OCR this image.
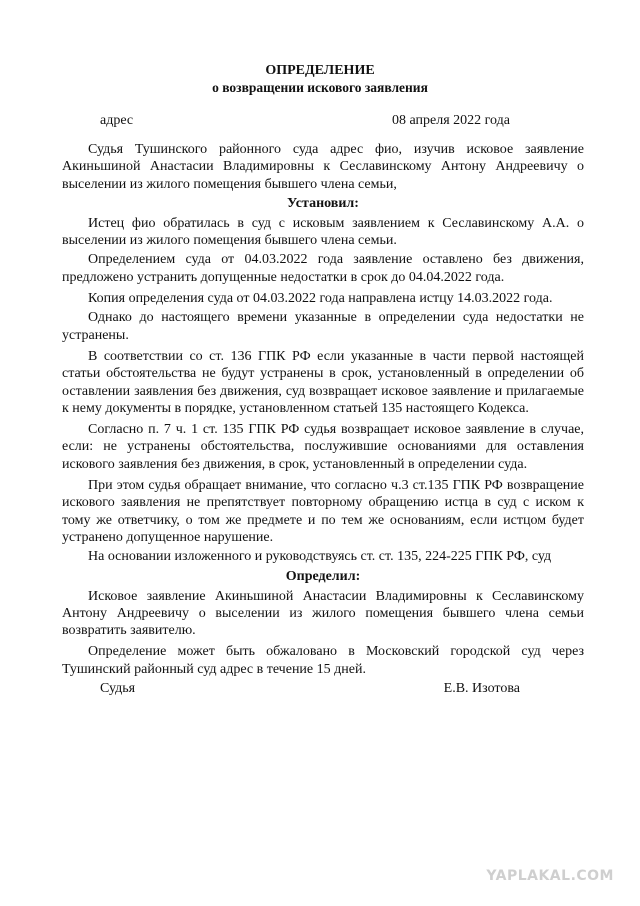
ОПРЕДЕЛЕНИЕ
о возвращении искового заявления
адрес	08 апреля 2022 года

Судья Тушинского районного суда адрес фио, изучив исковое заявление Акиньшиной Анастасии Владимировны к Сеславинскому Антону Андреевичу о выселении из жилого помещения бывшего члена семьи,

Установил:

Истец фио обратилась в суд с исковым заявлением к Сеславинскому А.А. о выселении из жилого помещения бывшего члена семьи.

Определением суда от 04.03.2022 года заявление оставлено без движения, предложено устранить допущенные недостатки в срок до 04.04.2022 года.

Копия определения суда от 04.03.2022 года направлена истцу 14.03.2022 года.

Однако до настоящего времени указанные в определении суда недостатки не устранены.

В соответствии со ст. 136 ГПК РФ если указанные в части первой настоящей статьи обстоятельства не будут устранены в срок, установленный в определении об оставлении заявления без движения, суд возвращает исковое заявление и прилагаемые к нему документы в порядке, установленном статьей 135 настоящего Кодекса.

Согласно п. 7 ч. 1 ст. 135 ГПК РФ судья возвращает исковое заявление в случае, если: не устранены обстоятельства, послужившие основаниями для оставления искового заявления без движения, в срок, установленный в определении суда.

При этом судья обращает внимание, что согласно ч.3 ст.135 ГПК РФ возвращение искового заявления не препятствует повторному обращению истца в суд с иском к тому же ответчику, о том же предмете и по тем же основаниям, если истцом будет устранено допущенное нарушение.

На основании изложенного и руководствуясь ст. ст. 135, 224-225 ГПК РФ, суд

Определил:

Исковое заявление Акиньшиной Анастасии Владимировны к Сеславинскому Антону Андреевичу о выселении из жилого помещения бывшего члена семьи возвратить заявителю.

Определение может быть обжаловано в Московский городской суд через Тушинский районный суд адрес в течение 15 дней.

Судья	Е.В. Изотова
YAPLAKAL.COM
